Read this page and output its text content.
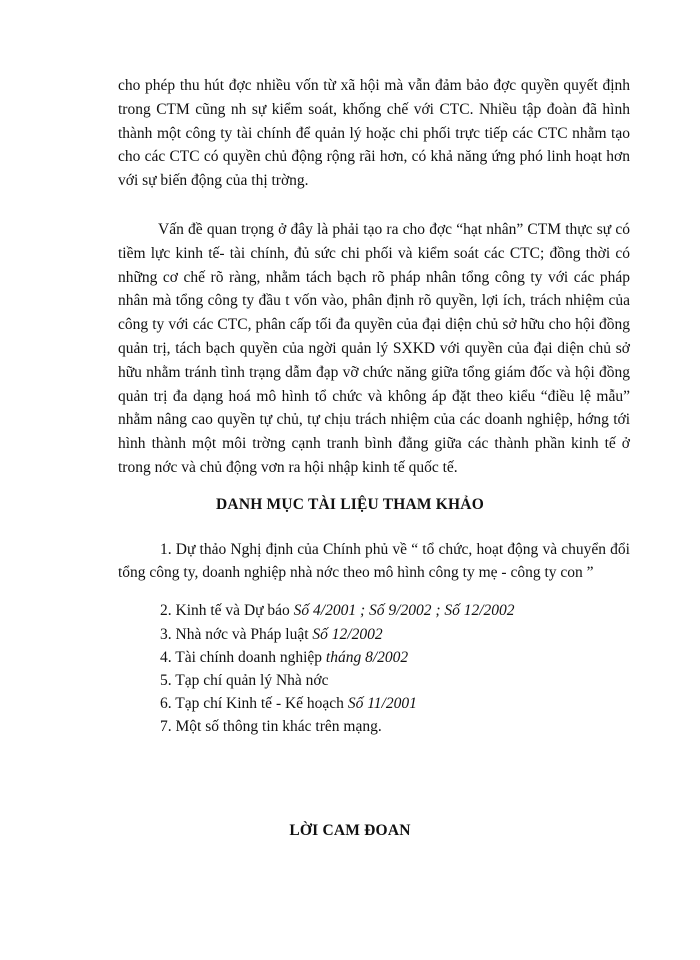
cho phép thu hút đợc nhiều vốn từ xã hội mà vẫn đảm bảo đợc quyền quyết định trong CTM cũng nh sự kiểm soát, khống chế với CTC. Nhiều tập đoàn đã hình thành một công ty tài chính để quản lý hoặc chi phối trực tiếp các CTC nhằm tạo cho các CTC có quyền chủ động rộng rãi hơn, có khả năng ứng phó linh hoạt hơn với sự biến động của thị trờng.

Vấn đề quan trọng ở đây là phải tạo ra cho đợc “hạt nhân” CTM thực sự có tiềm lực kinh tế- tài chính, đủ sức chi phối và kiểm soát các CTC; đồng thời có những cơ chế rõ ràng, nhằm tách bạch rõ pháp nhân tổng công ty với các pháp nhân mà tổng công ty đầu t vốn vào, phân định rõ quyền, lợi ích, trách nhiệm của công ty với các CTC, phân cấp tối đa quyền của đại diện chủ sở hữu cho hội đồng quản trị, tách bạch quyền của ngời quản lý SXKD với quyền của đại diện chủ sở hữu nhằm tránh tình trạng dẫm đạp vỡ chức năng giữa tổng giám đốc và hội đồng quản trị đa dạng hoá mô hình tổ chức và không áp đặt theo kiểu “điều lệ mẫu” nhằm nâng cao quyền tự chủ, tự chịu trách nhiệm của các doanh nghiệp, hớng tới hình thành một môi trờng cạnh tranh bình đẳng giữa các thành phần kinh tế ở trong nớc và chủ động vơn ra hội nhập kinh tế quốc tế.

DANH MỤC TÀI LIỆU THAM KHẢO

1. Dự thảo Nghị định của Chính phủ về “ tổ chức, hoạt động và chuyển đổi tổng công ty, doanh nghiệp nhà nớc theo mô hình công ty mẹ - công ty con ”

2. Kinh tế và Dự báo Số 4/2001 ; Số 9/2002 ; Số 12/2002
3. Nhà nớc và Pháp luật Số 12/2002
4. Tài chính doanh nghiệp tháng 8/2002
5. Tạp chí quản lý Nhà nớc
6. Tạp chí Kinh tế - Kế hoạch Số 11/2001
7. Một số thông tin khác trên mạng.
LỜI CAM ĐOAN
